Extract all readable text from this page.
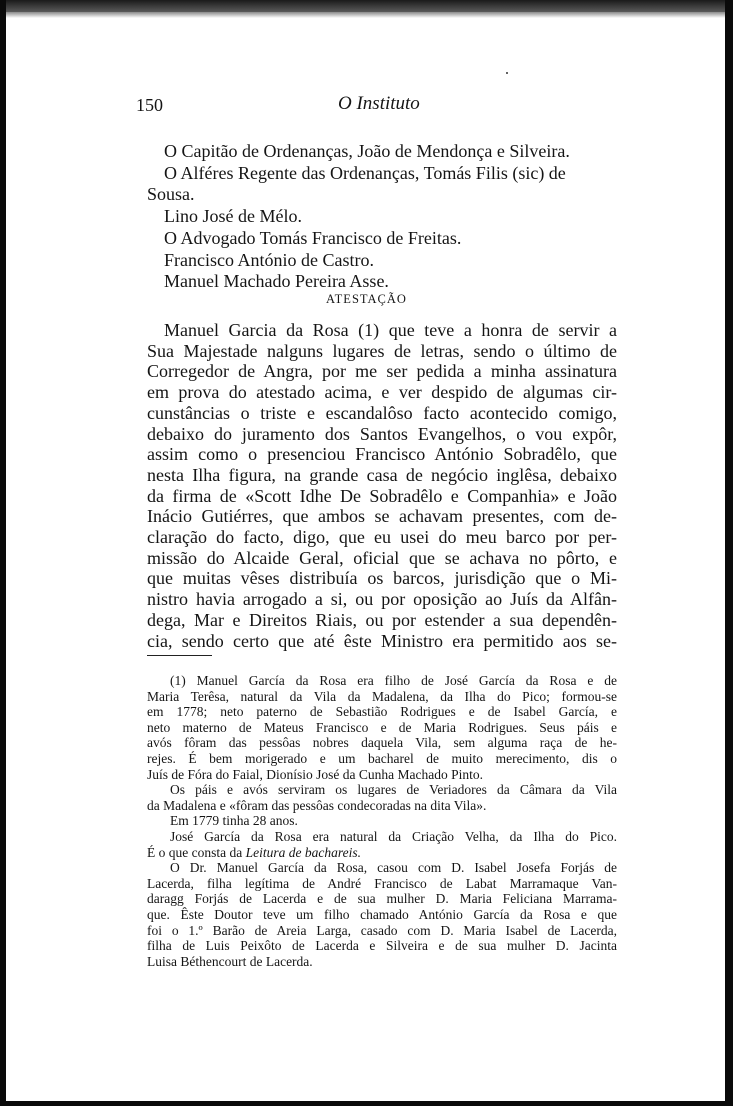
150	O Instituto
O Capitão de Ordenanças, João de Mendonça e Silveira.
O Alféres Regente das Ordenanças, Tomás Filis (sic) de
Sousa.
Lino José de Mélo.
O Advogado Tomás Francisco de Freitas.
Francisco António de Castro.
Manuel Machado Pereira Asse.
ATESTAÇÃO
Manuel Garcia da Rosa (1) que teve a honra de servir a
Sua Majestade nalguns lugares de letras, sendo o último de
Corregedor de Angra, por me ser pedida a minha assinatura
em prova do atestado acima, e ver despido de algumas cir-
cunstâncias o triste e escandalôso facto acontecido comigo,
debaixo do juramento dos Santos Evangelhos, o vou expôr,
assim como o presenciou Francisco António Sobradêlo, que
nesta Ilha figura, na grande casa de negócio inglêsa, debaixo
da firma de «Scott Idhe De Sobradêlo e Companhia» e João
Inácio Gutiérres, que ambos se achavam presentes, com de-
claração do facto, digo, que eu usei do meu barco por per-
missão do Alcaide Geral, oficial que se achava no pôrto, e
que muitas vêses distribuía os barcos, jurisdição que o Mi-
nistro havia arrogado a si, ou por oposição ao Juís da Alfân-
dega, Mar e Direitos Riais, ou por estender a sua dependên-
cia, sendo certo que até êste Ministro era permitido aos se-
(1) Manuel García da Rosa era filho de José García da Rosa e de
Maria Terêsa, natural da Vila da Madalena, da Ilha do Pico; formou-se
em 1778; neto paterno de Sebastião Rodrigues e de Isabel García, e
neto materno de Mateus Francisco e de Maria Rodrigues. Seus páis e
avós fôram das pessôas nobres daquela Vila, sem alguma raça de he-
rejes. É bem morigerado e um bacharel de muito merecimento, dis o
Juís de Fóra do Faial, Dionísio José da Cunha Machado Pinto.
Os páis e avós serviram os lugares de Veriadores da Câmara da Vila
da Madalena e «fôram das pessôas condecoradas na dita Vila».
Em 1779 tinha 28 anos.
José García da Rosa era natural da Criação Velha, da Ilha do Pico.
É o que consta da Leitura de bachareis.
O Dr. Manuel García da Rosa, casou com D. Isabel Josefa Forjás de
Lacerda, filha legítima de André Francisco de Labat Marramaque Van-
daragg Forjás de Lacerda e de sua mulher D. Maria Feliciana Marrama-
que. Êste Doutor teve um filho chamado António García da Rosa e que
foi o 1.º Barão de Areia Larga, casado com D. Maria Isabel de Lacerda,
filha de Luis Peixôto de Lacerda e Silveira e de sua mulher D. Jacinta
Luisa Béthencourt de Lacerda.
